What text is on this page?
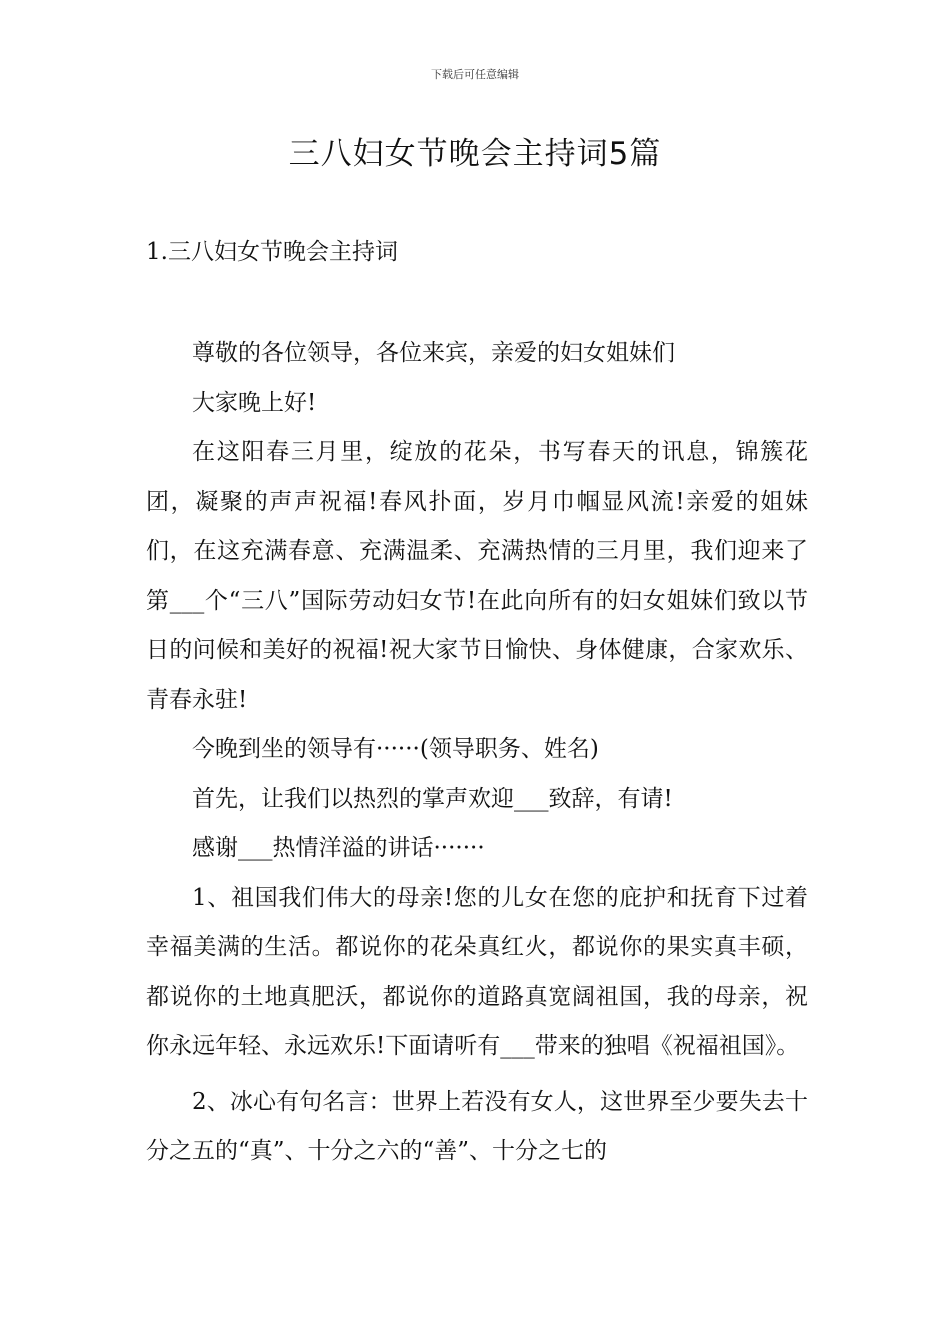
下载后可任意编辑
三八妇女节晚会主持词5篇
1.三八妇女节晚会主持词

尊敬的各位领导，各位来宾，亲爱的妇女姐妹们

大家晚上好!

在这阳春三月里，绽放的花朵，书写春天的讯息，锦簇花团，凝聚的声声祝福!春风扑面，岁月巾帼显风流!亲爱的姐妹们，在这充满春意、充满温柔、充满热情的三月里，我们迎来了第___个“三八”国际劳动妇女节!在此向所有的妇女姐妹们致以节日的问候和美好的祝福!祝大家节日愉快、身体健康，合家欢乐、青春永驻!

今晚到坐的领导有······(领导职务、姓名)

首先，让我们以热烈的掌声欢迎___致辞，有请!

感谢___热情洋溢的讲话·······

1、祖国我们伟大的母亲!您的儿女在您的庇护和抚育下过着幸福美满的生活。都说你的花朵真红火，都说你的果实真丰硕，都说你的土地真肥沃，都说你的道路真宽阔祖国，我的母亲，祝你永远年轻、永远欢乐!下面请听有___带来的独唱《祝福祖国》。

2、冰心有句名言：世界上若没有女人，这世界至少要失去十分之五的“真”、十分之六的“善”、十分之七的
